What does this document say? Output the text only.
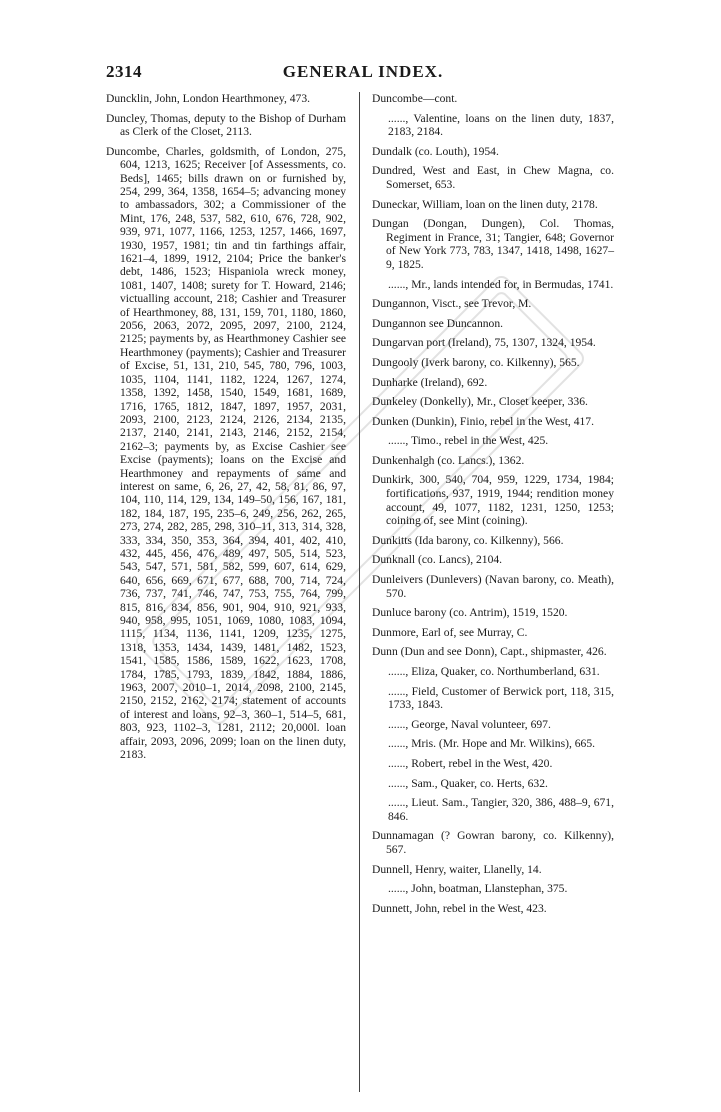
2314	GENERAL INDEX.

Duncklin, John, London Hearthmoney, 473.

Duncley, Thomas, deputy to the Bishop of Durham as Clerk of the Closet, 2113.

Duncombe, Charles, goldsmith, of London, 275, 604, 1213, 1625; Receiver [of Assessments, co. Beds], 1465; bills drawn on or furnished by, 254, 299, 364, 1358, 1654–5; advancing money to ambassadors, 302; a Commissioner of the Mint, 176, 248, 537, 582, 610, 676, 728, 902, 939, 971, 1077, 1166, 1253, 1257, 1466, 1697, 1930, 1957, 1981; tin and tin farthings affair, 1621–4, 1899, 1912, 2104; Price the banker's debt, 1486, 1523; Hispaniola wreck money, 1081, 1407, 1408; surety for T. Howard, 2146; victualling account, 218; Cashier and Treasurer of Hearthmoney, 88, 131, 159, 701, 1180, 1860, 2056, 2063, 2072, 2095, 2097, 2100, 2124, 2125; payments by, as Hearthmoney Cashier see Hearthmoney (payments); Cashier and Treasurer of Excise, 51, 131, 210, 545, 780, 796, 1003, 1035, 1104, 1141, 1182, 1224, 1267, 1274, 1358, 1392, 1458, 1540, 1549, 1681, 1689, 1716, 1765, 1812, 1847, 1897, 1957, 2031, 2093, 2100, 2123, 2124, 2126, 2134, 2135, 2137, 2140, 2141, 2143, 2146, 2152, 2154, 2162–3; payments by, as Excise Cashier see Excise (payments); loans on the Excise and Hearthmoney and repayments of same and interest on same, 6, 26, 27, 42, 58, 81, 86, 97, 104, 110, 114, 129, 134, 149–50, 156, 167, 181, 182, 184, 187, 195, 235–6, 249, 256, 262, 265, 273, 274, 282, 285, 298, 310–11, 313, 314, 328, 333, 334, 350, 353, 364, 394, 401, 402, 410, 432, 445, 456, 476, 489, 497, 505, 514, 523, 543, 547, 571, 581, 582, 599, 607, 614, 629, 640, 656, 669, 671, 677, 688, 700, 714, 724, 736, 737, 741, 746, 747, 753, 755, 764, 799, 815, 816, 834, 856, 901, 904, 910, 921, 933, 940, 958, 995, 1051, 1069, 1080, 1083, 1094, 1115, 1134, 1136, 1141, 1209, 1235, 1275, 1318, 1353, 1434, 1439, 1481, 1482, 1523, 1541, 1585, 1586, 1589, 1622, 1623, 1708, 1784, 1785, 1793, 1839, 1842, 1884, 1886, 1963, 2007, 2010–1, 2014, 2098, 2100, 2145, 2150, 2152, 2162, 2174; statement of accounts of interest and loans, 92–3, 360–1, 514–5, 681, 803, 923, 1102–3, 1281, 2112; 20,000l. loan affair, 2093, 2096, 2099; loan on the linen duty, 2183.

Duncombe—cont.

......, Valentine, loans on the linen duty, 1837, 2183, 2184.

Dundalk (co. Louth), 1954.

Dundred, West and East, in Chew Magna, co. Somerset, 653.

Duneckar, William, loan on the linen duty, 2178.

Dungan (Dongan, Dungen), Col. Thomas, Regiment in France, 31; Tangier, 648; Governor of New York 773, 783, 1347, 1418, 1498, 1627–9, 1825.

......, Mr., lands intended for, in Bermudas, 1741.

Dungannon, Visct., see Trevor, M.

Dungannon see Duncannon.

Dungarvan port (Ireland), 75, 1307, 1324, 1954.

Dungooly (Iverk barony, co. Kilkenny), 565.

Dunharke (Ireland), 692.

Dunkeley (Donkelly), Mr., Closet keeper, 336.

Dunken (Dunkin), Finio, rebel in the West, 417.

......, Timo., rebel in the West, 425.

Dunkenhalgh (co. Lancs.), 1362.

Dunkirk, 300, 540, 704, 959, 1229, 1734, 1984; fortifications, 937, 1919, 1944; rendition money account, 49, 1077, 1182, 1231, 1250, 1253; coining of, see Mint (coining).

Dunkitts (Ida barony, co. Kilkenny), 566.

Dunknall (co. Lancs), 2104.

Dunleivers (Dunlevers) (Navan barony, co. Meath), 570.

Dunluce barony (co. Antrim), 1519, 1520.

Dunmore, Earl of, see Murray, C.

Dunn (Dun and see Donn), Capt., shipmaster, 426.

......, Eliza, Quaker, co. Northumberland, 631.

......, Field, Customer of Berwick port, 118, 315, 1733, 1843.

......, George, Naval volunteer, 697.

......, Mris. (Mr. Hope and Mr. Wilkins), 665.

......, Robert, rebel in the West, 420.

......, Sam., Quaker, co. Herts, 632.

......, Lieut. Sam., Tangier, 320, 386, 488–9, 671, 846.

Dunnamagan (? Gowran barony, co. Kilkenny), 567.

Dunnell, Henry, waiter, Llanelly, 14.

......, John, boatman, Llanstephan, 375.

Dunnett, John, rebel in the West, 423.
